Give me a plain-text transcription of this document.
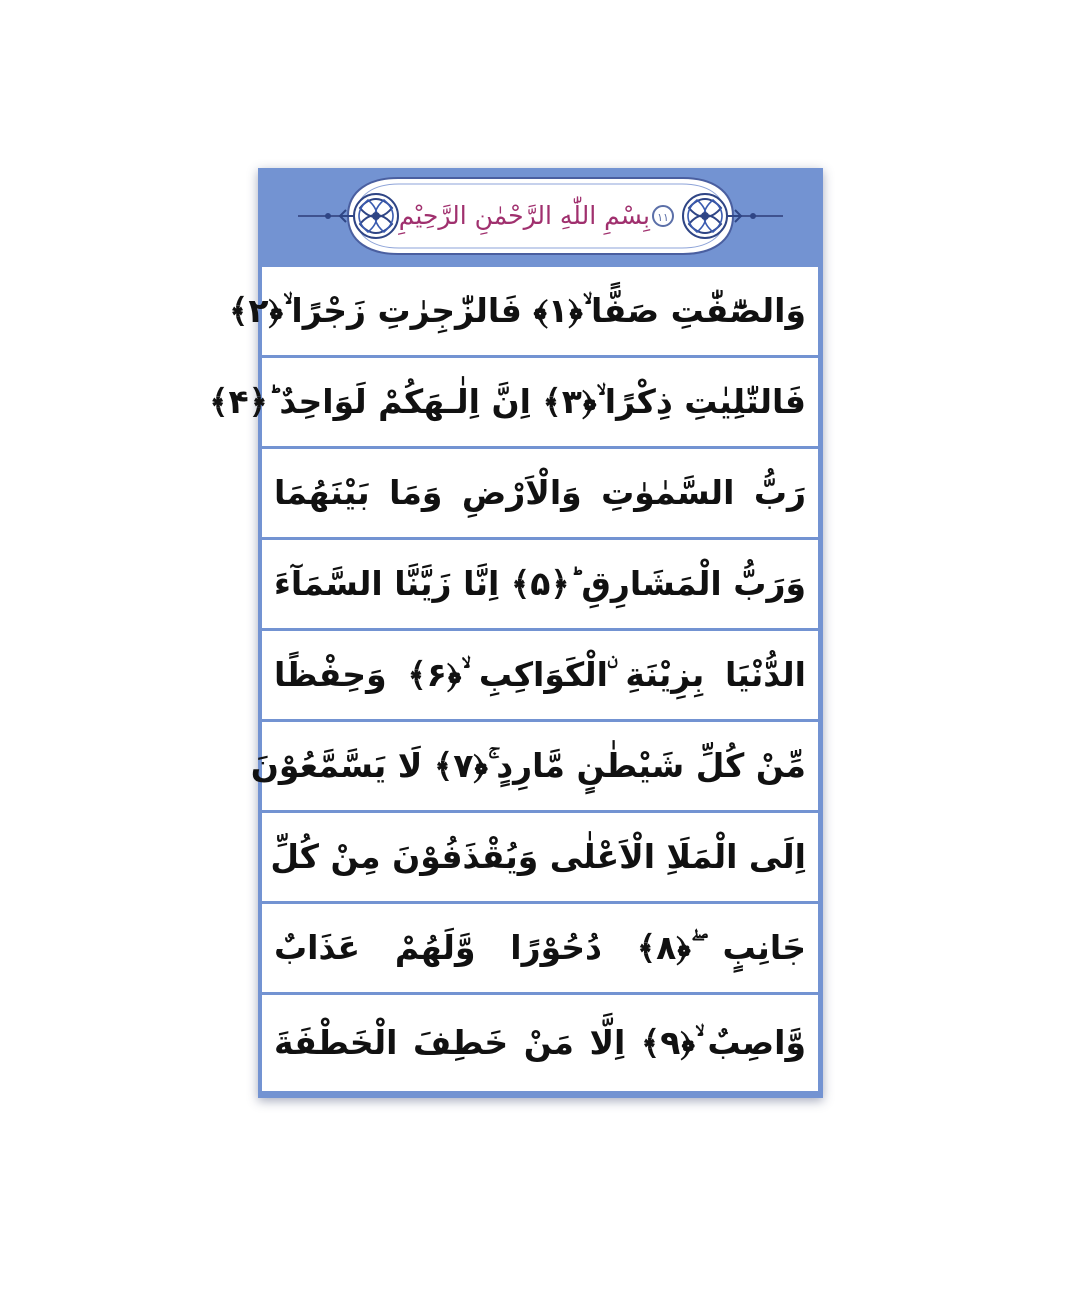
بِسْمِ اللّٰهِ الرَّحْمٰنِ الرَّحِيْمِ ۱۱
وَالصّٰٓفّٰتِ صَفًّا ۙ﴿۱﴾ فَالزّٰجِرٰتِ زَجْرًا ۙ﴿۲﴾
فَالتّٰلِيٰتِ ذِكْرًا ۙ﴿۳﴾ اِنَّ اِلٰـهَكُمْ لَوَاحِدٌ ؕ﴿۴﴾
رَبُّ السَّمٰوٰتِ وَالْاَرْضِ وَمَا بَيْنَهُمَا
وَرَبُّ الْمَشَارِقِ ؕ﴿۵﴾ اِنَّا زَيَّنَّا السَّمَآءَ
الدُّنْيَا بِزِيْنَةِ ۨالْكَوَاكِبِ ۙ﴿۶﴾ وَحِفْظًا
مِّنْ كُلِّ شَيْطٰنٍ مَّارِدٍ ۚ﴿۷﴾ لَا يَسَّمَّعُوْنَ
اِلَى الْمَلَاِ الْاَعْلٰى وَيُقْذَفُوْنَ مِنْ كُلِّ
جَانِبٍ ۖ﴿۸﴾ دُحُوْرًا وَّلَهُمْ عَذَابٌ
وَّاصِبٌ ۙ﴿۹﴾ اِلَّا مَنْ خَطِفَ الْخَطْفَةَ
